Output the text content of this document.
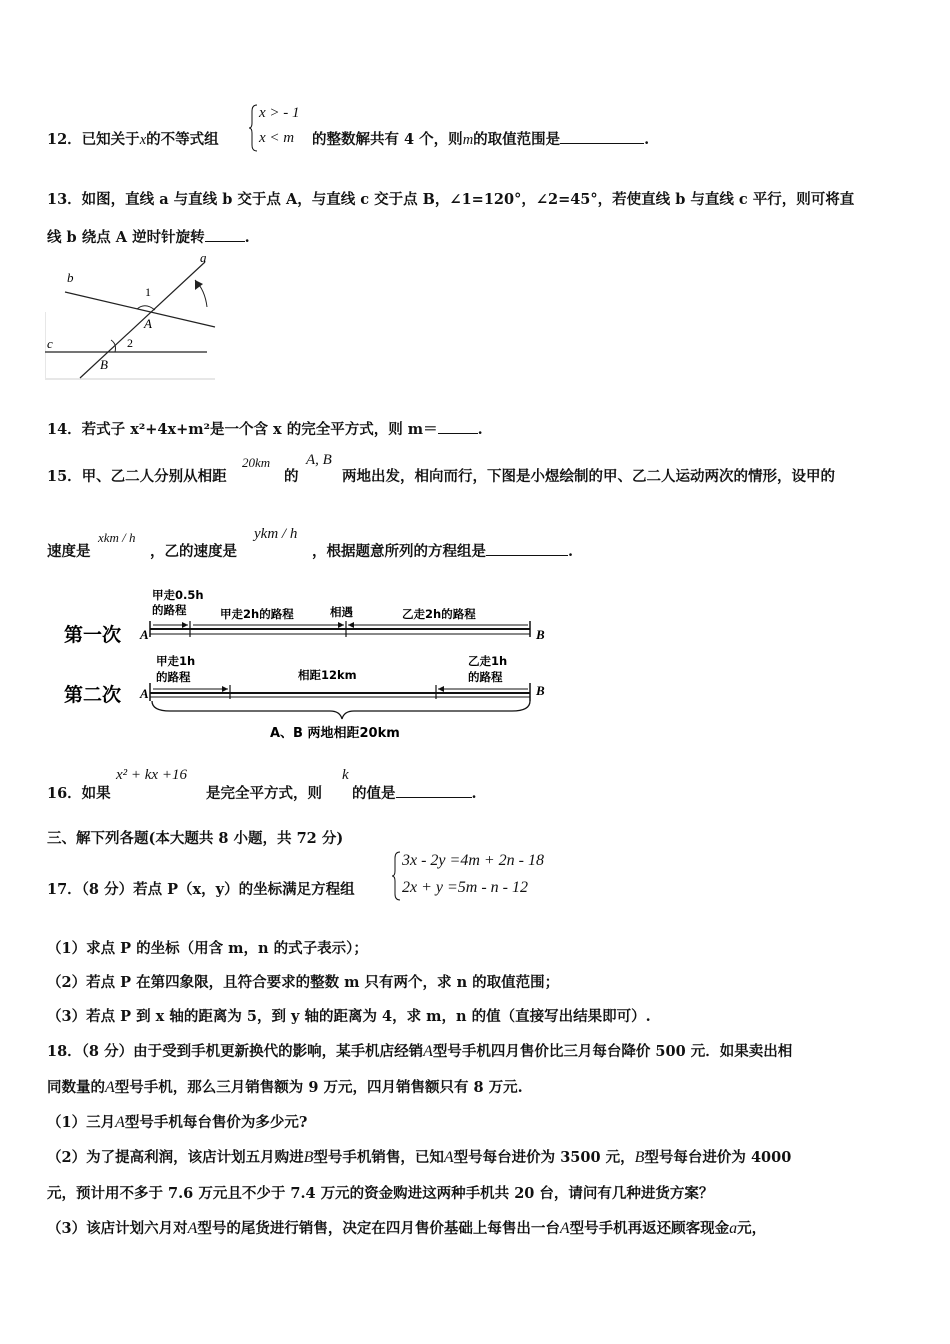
12．已知关于x的不等式组
x > - 1
x < m 的整数解共有 4 个，则m的取值范围是	.
13．如图，直线 a 与直线 b 交于点 A，与直线 c 交于点 B，∠1=120°，∠2=45°，若使直线 b 与直线 c 平行，则可将直
线 b 绕点 A 逆时针旋转	.
a
b
c
1
2
A
B
14．若式子 x²+4x+m²是一个含 x 的完全平方式，则 m＝	.
15．甲、乙二人分别从相距
20km
的
A, B
两地出发，相向而行，下图是小煜绘制的甲、乙二人运动两次的情形，设甲的
速度是
xkm / h
，乙的速度是
ykm / h
，根据题意所列的方程组是	.
第一次 A	B
甲走0.5h
的路程	甲走2h的路程	相遇	乙走2h的路程
第二次 A	B
甲走1h
的路程	相距12km
乙走1h
的路程
A、B 两地相距20km
16．如果
x² + kx +16
是完全平方式，则
k
的值是	.
三、解下列各题(本大题共 8 小题，共 72 分)
17．（8 分）若点 P（x，y）的坐标满足方程组
3x - 2y =4m + 2n - 18
2x + y =5m - n - 12
（1）求点 P 的坐标（用含 m，n 的式子表示）；
（2）若点 P 在第四象限，且符合要求的整数 m 只有两个，求 n 的取值范围；
（3）若点 P 到 x 轴的距离为 5，到 y 轴的距离为 4，求 m，n 的值（直接写出结果即可）.
18．（8 分）由于受到手机更新换代的影响，某手机店经销A型号手机四月售价比三月每台降价 500 元．如果卖出相
同数量的A型号手机，那么三月销售额为 9 万元，四月销售额只有 8 万元.
（1）三月A型号手机每台售价为多少元?
（2）为了提高利润，该店计划五月购进B型号手机销售，已知A型号每台进价为 3500 元，B型号每台进价为 4000
元，预计用不多于 7.6 万元且不少于 7.4 万元的资金购进这两种手机共 20 台，请问有几种进货方案？
（3）该店计划六月对A型号的尾货进行销售，决定在四月售价基础上每售出一台A型号手机再返还顾客现金a元，
